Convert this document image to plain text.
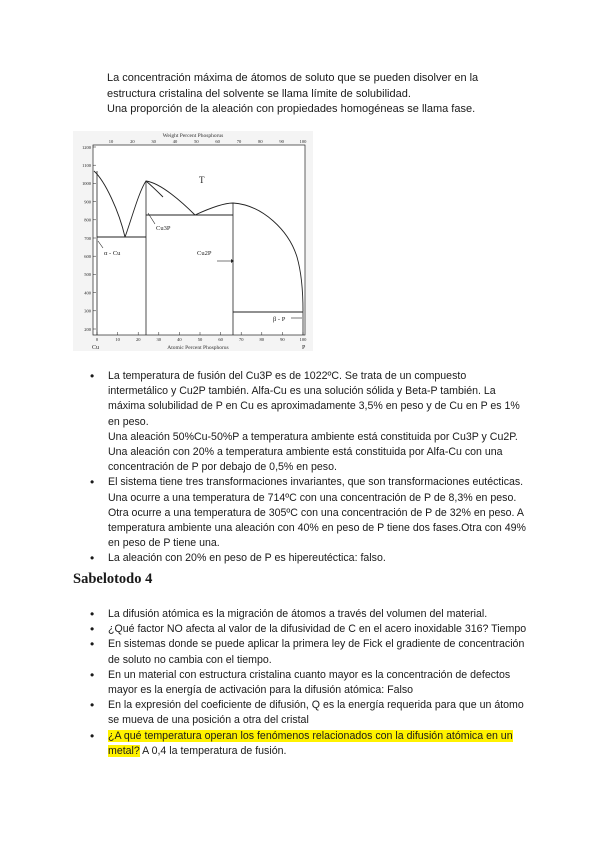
La concentración máxima de átomos de soluto que se pueden disolver en la estructura cristalina del solvente se llama límite de solubilidad.

Una proporción de la aleación con propiedades homogéneas se llama fase.

Weight Percent Phosphorus
10	20	30	40	50	60	70	80	90	100
1200
1100
1000
900
800
700
600
500
400
300
200
0	10	20	30	40	50	60	70	80	90	100
T
α - Cu
Cu3P
Cu2P
β - P
Cu	P
Atomic Percent Phosphorus
• La temperatura de fusión del Cu3P es de 1022ºC. Se trata de un compuesto intermetálico y Cu2P también. Alfa-Cu es una solución sólida y Beta-P también. La máxima solubilidad de P en Cu es aproximadamente 3,5% en peso y de Cu en P es 1% en peso.
Una aleación 50%Cu-50%P a temperatura ambiente está constituida por Cu3P y Cu2P. Una aleación con 20% a temperatura ambiente está constituida por Alfa-Cu con una concentración de P por debajo de 0,5% en peso.
• El sistema tiene tres transformaciones invariantes, que son transformaciones eutécticas. Una ocurre a una temperatura de 714ºC con una concentración de P de 8,3% en peso. Otra ocurre a una temperatura de 305ºC con una concentración de P de 32% en peso. A temperatura ambiente una aleación con 40% en peso de P tiene dos fases.Otra con 49% en peso de P tiene una.
• La aleación con 20% en peso de P es hipereutéctica: falso.
Sabelotodo 4
• La difusión atómica es la migración de átomos a través del volumen del material.
• ¿Qué factor NO afecta al valor de la difusividad de C en el acero inoxidable 316? Tiempo
• En sistemas donde se puede aplicar la primera ley de Fick el gradiente de concentración de soluto no cambia con el tiempo.
• En un material con estructura cristalina cuanto mayor es la concentración de defectos mayor es la energía de activación para la difusión atómica: Falso
• En la expresión del coeficiente de difusión, Q es la energía requerida para que un átomo se mueva de una posición a otra del cristal
• ¿A qué temperatura operan los fenómenos relacionados con la difusión atómica en un metal? A 0,4 la temperatura de fusión.
